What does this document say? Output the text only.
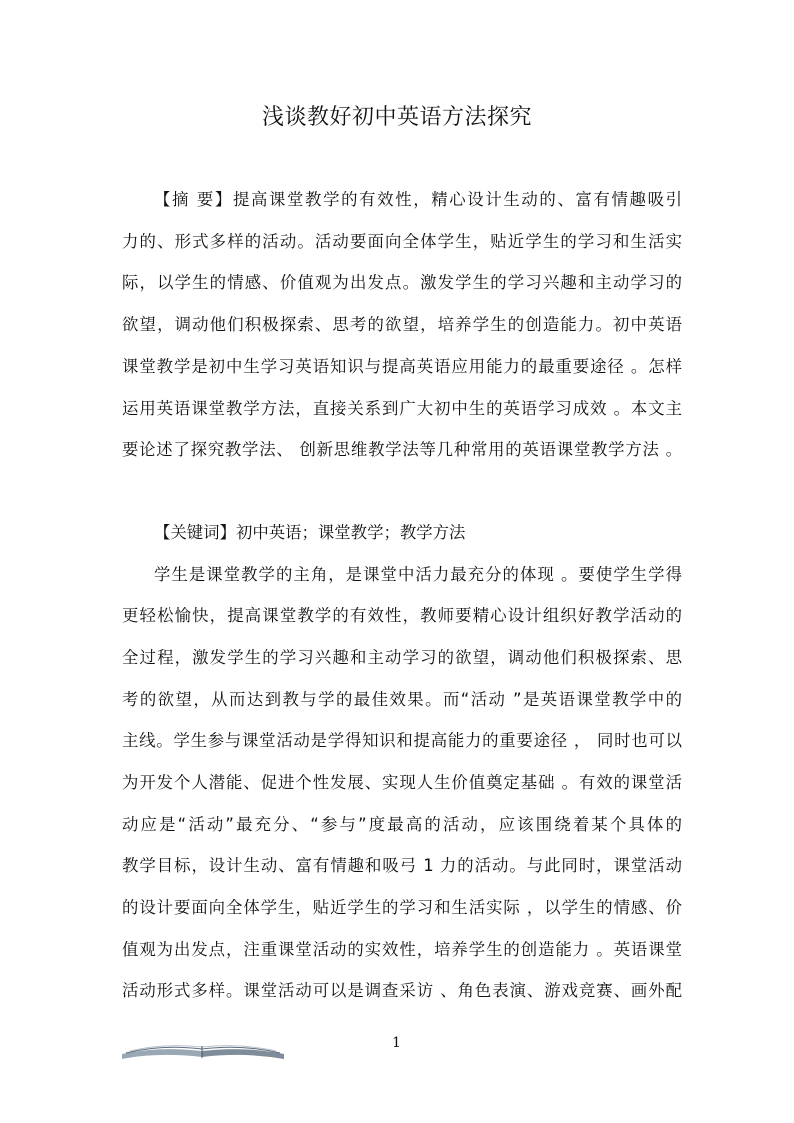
浅谈教好初中英语方法探究
【摘 要】提高课堂教学的有效性，精心设计生动的、富有情趣吸引
力的、形式多样的活动。活动要面向全体学生，贴近学生的学习和生活实
际，以学生的情感、价值观为出发点。激发学生的学习兴趣和主动学习的
欲望，调动他们积极探索、思考的欲望，培养学生的创造能力。初中英语
课堂教学是初中生学习英语知识与提高英语应用能力的最重要途径 。怎样
运用英语课堂教学方法，直接关系到广大初中生的英语学习成效 。本文主
要论述了探究教学法、 创新思维教学法等几种常用的英语课堂教学方法 。
【关键词】初中英语；课堂教学；教学方法
学生是课堂教学的主角，是课堂中活力最充分的体现 。要使学生学得
更轻松愉快，提高课堂教学的有效性，教师要精心设计组织好教学活动的
全过程，激发学生的学习兴趣和主动学习的欲望，调动他们积极探索、思
考的欲望，从而达到教与学的最佳效果。而“活动 ”是英语课堂教学中的
主线。学生参与课堂活动是学得知识和提高能力的重要途径 ， 同时也可以
为开发个人潜能、促进个性发展、实现人生价值奠定基础 。有效的课堂活
动应是“活动”最充分、“参与”度最高的活动，应该围绕着某个具体的
教学目标，设计生动、富有情趣和吸弓 1 力的活动。与此同时，课堂活动
的设计要面向全体学生，贴近学生的学习和生活实际 ，以学生的情感、价
值观为出发点，注重课堂活动的实效性，培养学生的创造能力 。英语课堂
活动形式多样。课堂活动可以是调查采访 、角色表演、游戏竞赛、画外配
1
